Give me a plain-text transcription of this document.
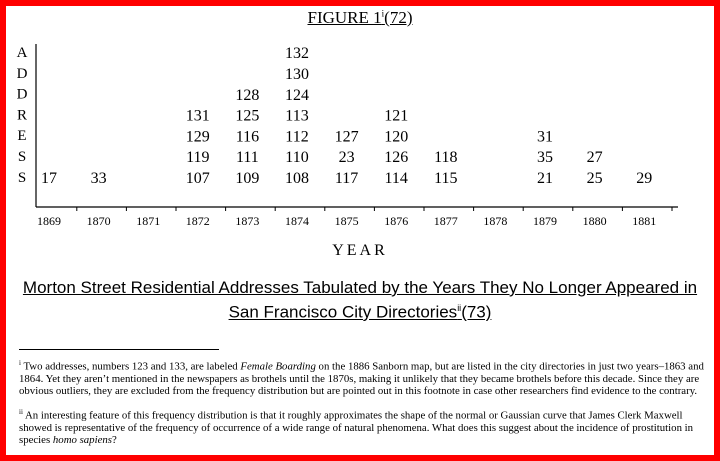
FIGURE 1$^i$(72)
A
D
D
R
E
S
S
1869 1870 1871 1872 1873 1874 1875 1876 1877 1878 1879 1880 1881
17 33	107
119
129
131
109
111
116
125
128
108
110
112
113
124
130
132
117
23
127
114
126
120
121
115
118
21
35
31
25
27
29
YEAR
Morton Street Residential Addresses Tabulated by the Years They No Longer Appeared in San Francisco City Directories$^{ii}$(73)
$^i$ Two addresses, numbers 123 and 133, are labeled Female Boarding on the 1886 Sanborn map, but are listed in the city directories in just two years–1863 and 1864. Yet they aren’t mentioned in the newspapers as brothels until the 1870s, making it unlikely that they became brothels before this decade. Since they are obvious outliers, they are excluded from the frequency distribution but are pointed out in this footnote in case other researchers find evidence to the contrary.
$^{ii}$ An interesting feature of this frequency distribution is that it roughly approximates the shape of the normal or Gaussian curve that James Clerk Maxwell showed is representative of the frequency of occurrence of a wide range of natural phenomena. What does this suggest about the incidence of prostitution in species homo sapiens?
